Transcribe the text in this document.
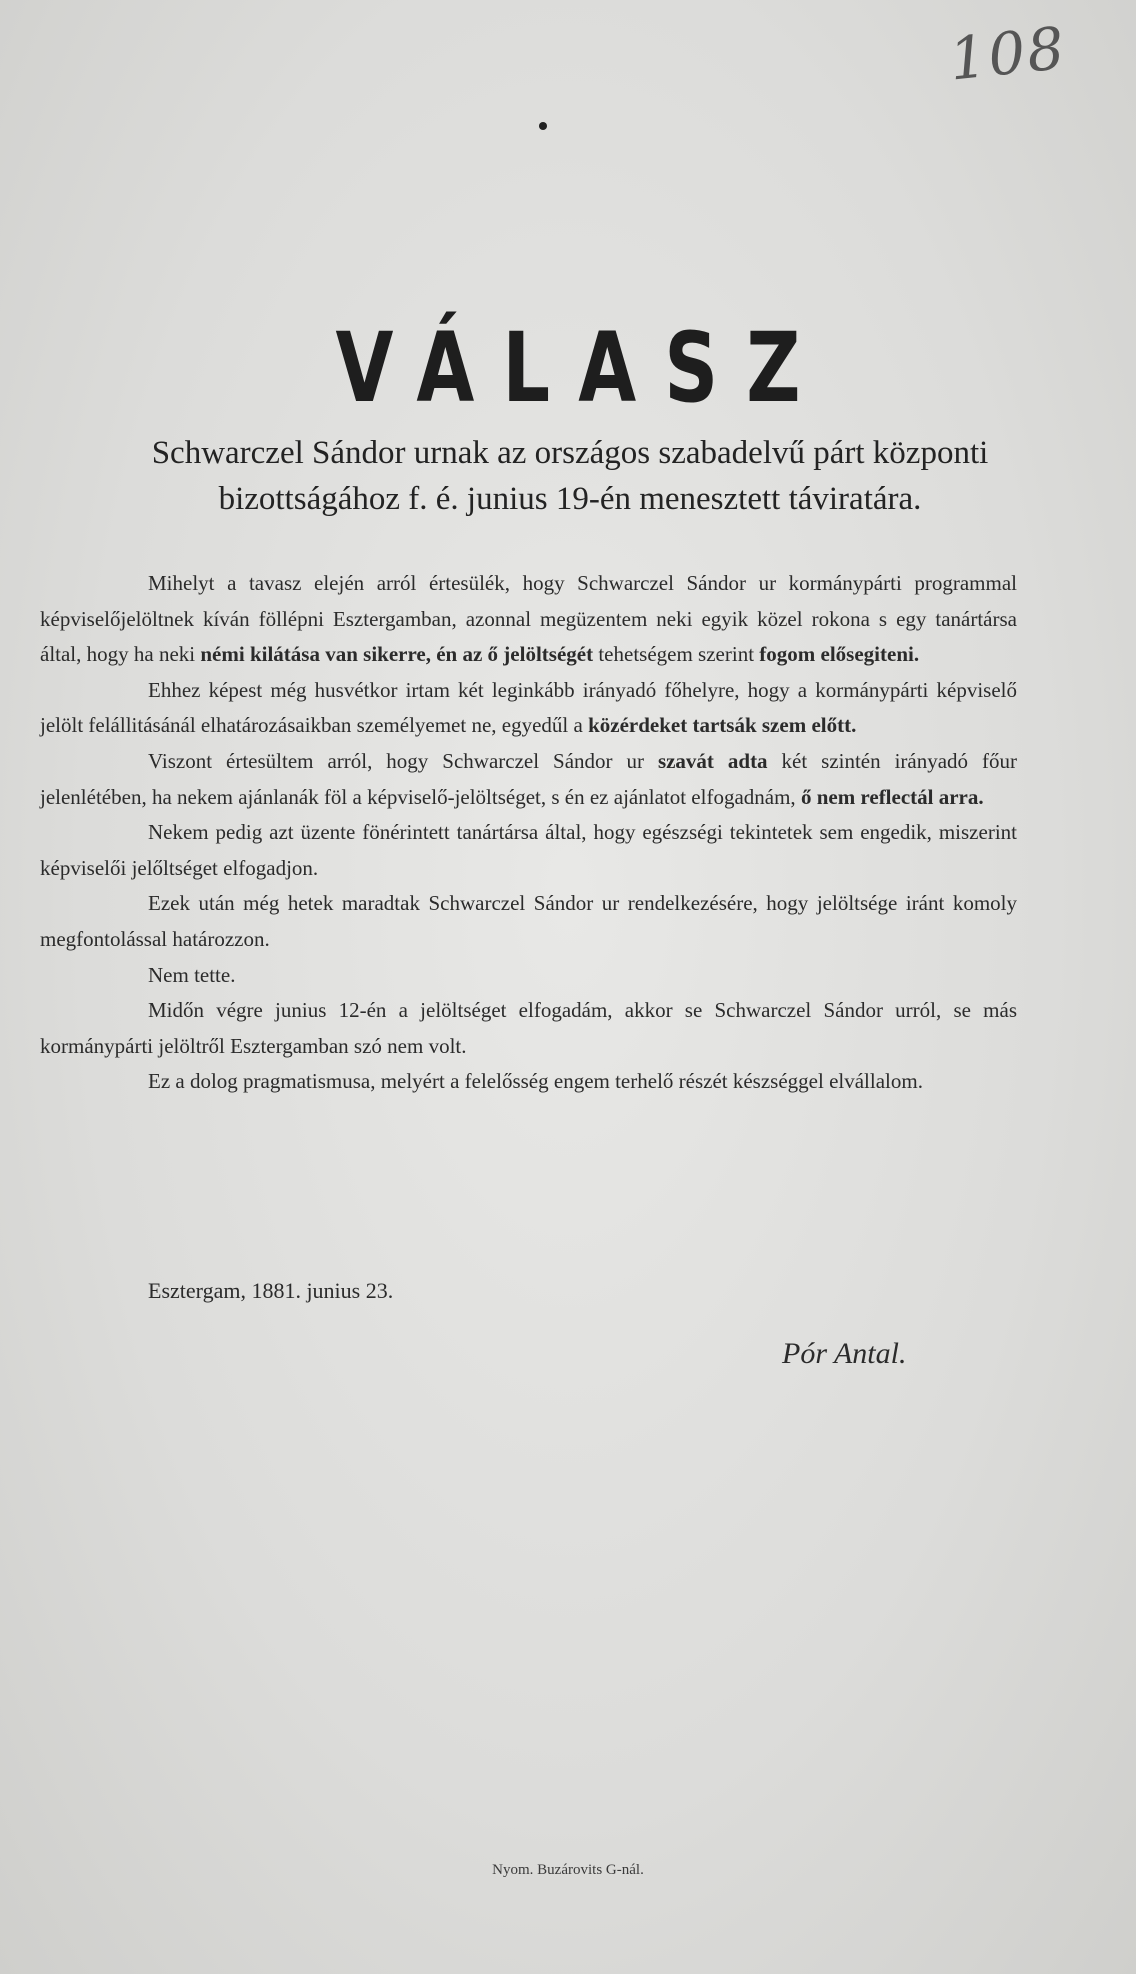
108
VÁLASZ
Schwarczel Sándor urnak az országos szabadelvű párt központi
bizottságához f. é. junius 19-én menesztett táviratára.

Mihelyt a tavasz elején arról értesülék, hogy Schwarczel Sándor ur kormánypárti programmal képviselőjelöltnek kíván föllépni Esztergamban, azonnal megüzentem neki egyik közel rokona s egy tanártársa által, hogy ha neki némi kilátása van sikerre, én az ő jelöltségét tehetségem szerint fogom elősegiteni.

Ehhez képest még husvétkor irtam két leginkább irányadó főhelyre, hogy a kormánypárti képviselő jelölt felállitásánál elhatározásaikban személyemet ne, egyedűl a közérdeket tartsák szem előtt.

Viszont értesültem arról, hogy Schwarczel Sándor ur szavát adta két szintén irányadó főur jelenlétében, ha nekem ajánlanák föl a képviselő-jelöltséget, s én ez ajánlatot elfogadnám, ő nem reflectál arra.

Nekem pedig azt üzente fönérintett tanártársa által, hogy egészségi tekintetek sem engedik, miszerint képviselői jelőltséget elfogadjon.

Ezek után még hetek maradtak Schwarczel Sándor ur rendelkezésére, hogy jelöltsége iránt komoly megfontolással határozzon.

Nem tette.

Midőn végre junius 12-én a jelöltséget elfogadám, akkor se Schwarczel Sándor urról, se más kormánypárti jelöltről Esztergamban szó nem volt.

Ez a dolog pragmatismusa, melyért a felelősség engem terhelő részét készséggel elvállalom.

Esztergam, 1881. junius 23.
Pór Antal.
Nyom. Buzárovits G-nál.
